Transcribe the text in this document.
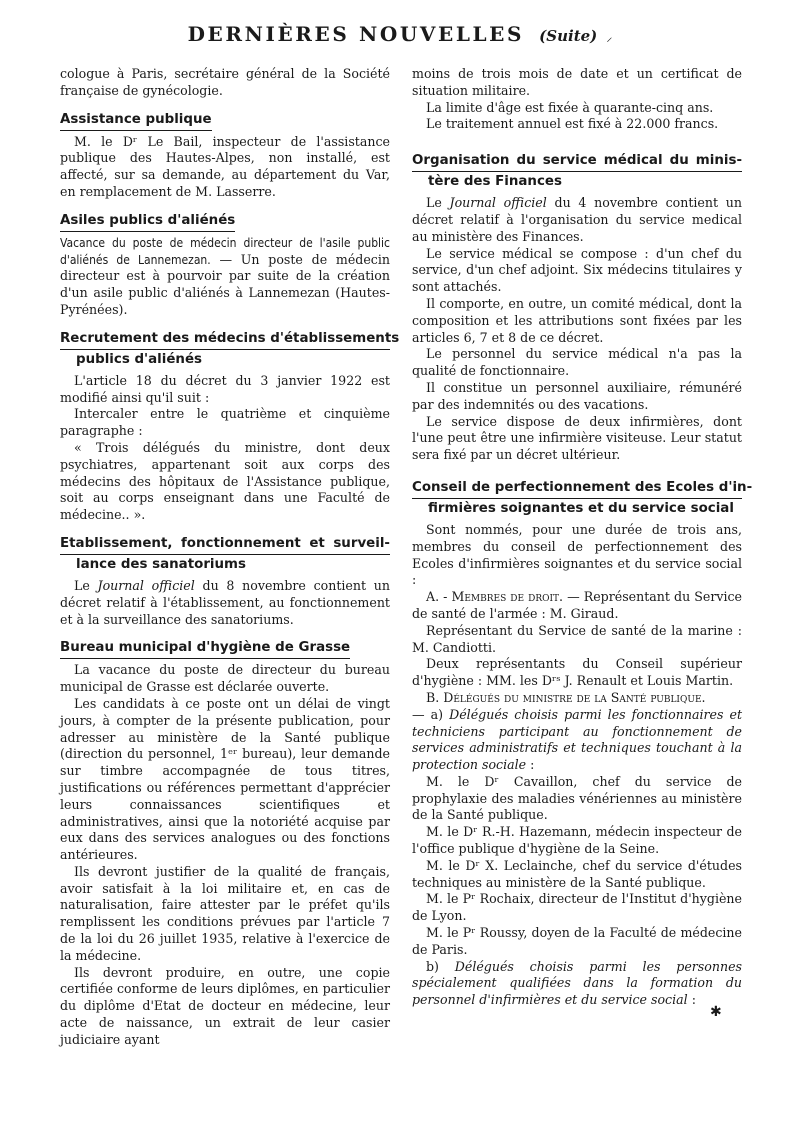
DERNIÈRES NOUVELLES (Suite) ⸝

cologue à Paris, secrétaire général de la Société française de gynécologie.

Assistance publique

M. le Dʳ Le Bail, inspecteur de l'assistance publique des Hautes-Alpes, non installé, est affecté, sur sa demande, au département du Var, en remplacement de M. Lasserre.

Asiles publics d'aliénés

Vacance du poste de médecin directeur de l'asile public d'aliénés de Lannemezan. — Un poste de médecin directeur est à pourvoir par suite de la création d'un asile public d'aliénés à Lannemezan (Hautes-Pyrénées).

Recrutement des médecins d'établissements
publics d'aliénés

L'article 18 du décret du 3 janvier 1922 est modifié ainsi qu'il suit :

Intercaler entre le quatrième et cinquième paragraphe :

« Trois délégués du ministre, dont deux psychiatres, appartenant soit aux corps des médecins des hôpitaux de l'Assistance publique, soit au corps enseignant dans une Faculté de médecine.. ».

Etablissement, fonctionnement et surveil-
lance des sanatoriums

Le Journal officiel du 8 novembre contient un décret relatif à l'établissement, au fonctionnement et à la surveillance des sanatoriums.

Bureau municipal d'hygiène de Grasse

La vacance du poste de directeur du bureau municipal de Grasse est déclarée ouverte.

Les candidats à ce poste ont un délai de vingt jours, à compter de la présente publication, pour adresser au ministère de la Santé publique (direction du personnel, 1ᵉʳ bureau), leur demande sur timbre accompagnée de tous titres, justifications ou références permettant d'apprécier leurs connaissances scientifiques et administratives, ainsi que la notoriété acquise par eux dans des services analogues ou des fonctions antérieures.

Ils devront justifier de la qualité de français, avoir satisfait à la loi militaire et, en cas de naturalisation, faire attester par le préfet qu'ils remplissent les conditions prévues par l'article 7 de la loi du 26 juillet 1935, relative à l'exercice de la médecine.

Ils devront produire, en outre, une copie certifiée conforme de leurs diplômes, en particulier du diplôme d'Etat de docteur en médecine, leur acte de naissance, un extrait de leur casier judiciaire ayant

moins de trois mois de date et un certificat de situation militaire.

La limite d'âge est fixée à quarante-cinq ans.

Le traitement annuel est fixé à 22.000 francs.

Organisation du service médical du minis-
tère des Finances

Le Journal officiel du 4 novembre contient un décret relatif à l'organisation du service medical au ministère des Finances.

Le service médical se compose : d'un chef du service, d'un chef adjoint. Six médecins titulaires y sont attachés.

Il comporte, en outre, un comité médical, dont la composition et les attributions sont fixées par les articles 6, 7 et 8 de ce décret.

Le personnel du service médical n'a pas la qualité de fonctionnaire.

Il constitue un personnel auxiliaire, rémunéré par des indemnités ou des vacations.

Le service dispose de deux infirmières, dont l'une peut être une infirmière visiteuse. Leur statut sera fixé par un décret ultérieur.

Conseil de perfectionnement des Ecoles d'in-
firmières soignantes et du service social

Sont nommés, pour une durée de trois ans, membres du conseil de perfectionnement des Ecoles d'infirmières soignantes et du service social :

A. - Membres de droit. — Représentant du Service de santé de l'armée : M. Giraud.

Représentant du Service de santé de la marine : M. Candiotti.

Deux représentants du Conseil supérieur d'hygiène : MM. les Dʳˢ J. Renault et Louis Martin.

B. Délégués du ministre de la Santé publique.

— a) Délégués choisis parmi les fonctionnaires et techniciens participant au fonctionnement de services administratifs et techniques touchant à la protection sociale :

M. le Dʳ Cavaillon, chef du service de prophylaxie des maladies vénériennes au ministère de la Santé publique.

M. le Dʳ R.-H. Hazemann, médecin inspecteur de l'office publique d'hygiène de la Seine.

M. le Dʳ X. Leclainche, chef du service d'études techniques au ministère de la Santé publique.

M. le Pʳ Rochaix, directeur de l'Institut d'hygiène de Lyon.

M. le Pʳ Roussy, doyen de la Faculté de médecine de Paris.

b) Délégués choisis parmi les personnes spécialement qualifiées dans la formation du personnel d'infirmières et du service social :

✱
